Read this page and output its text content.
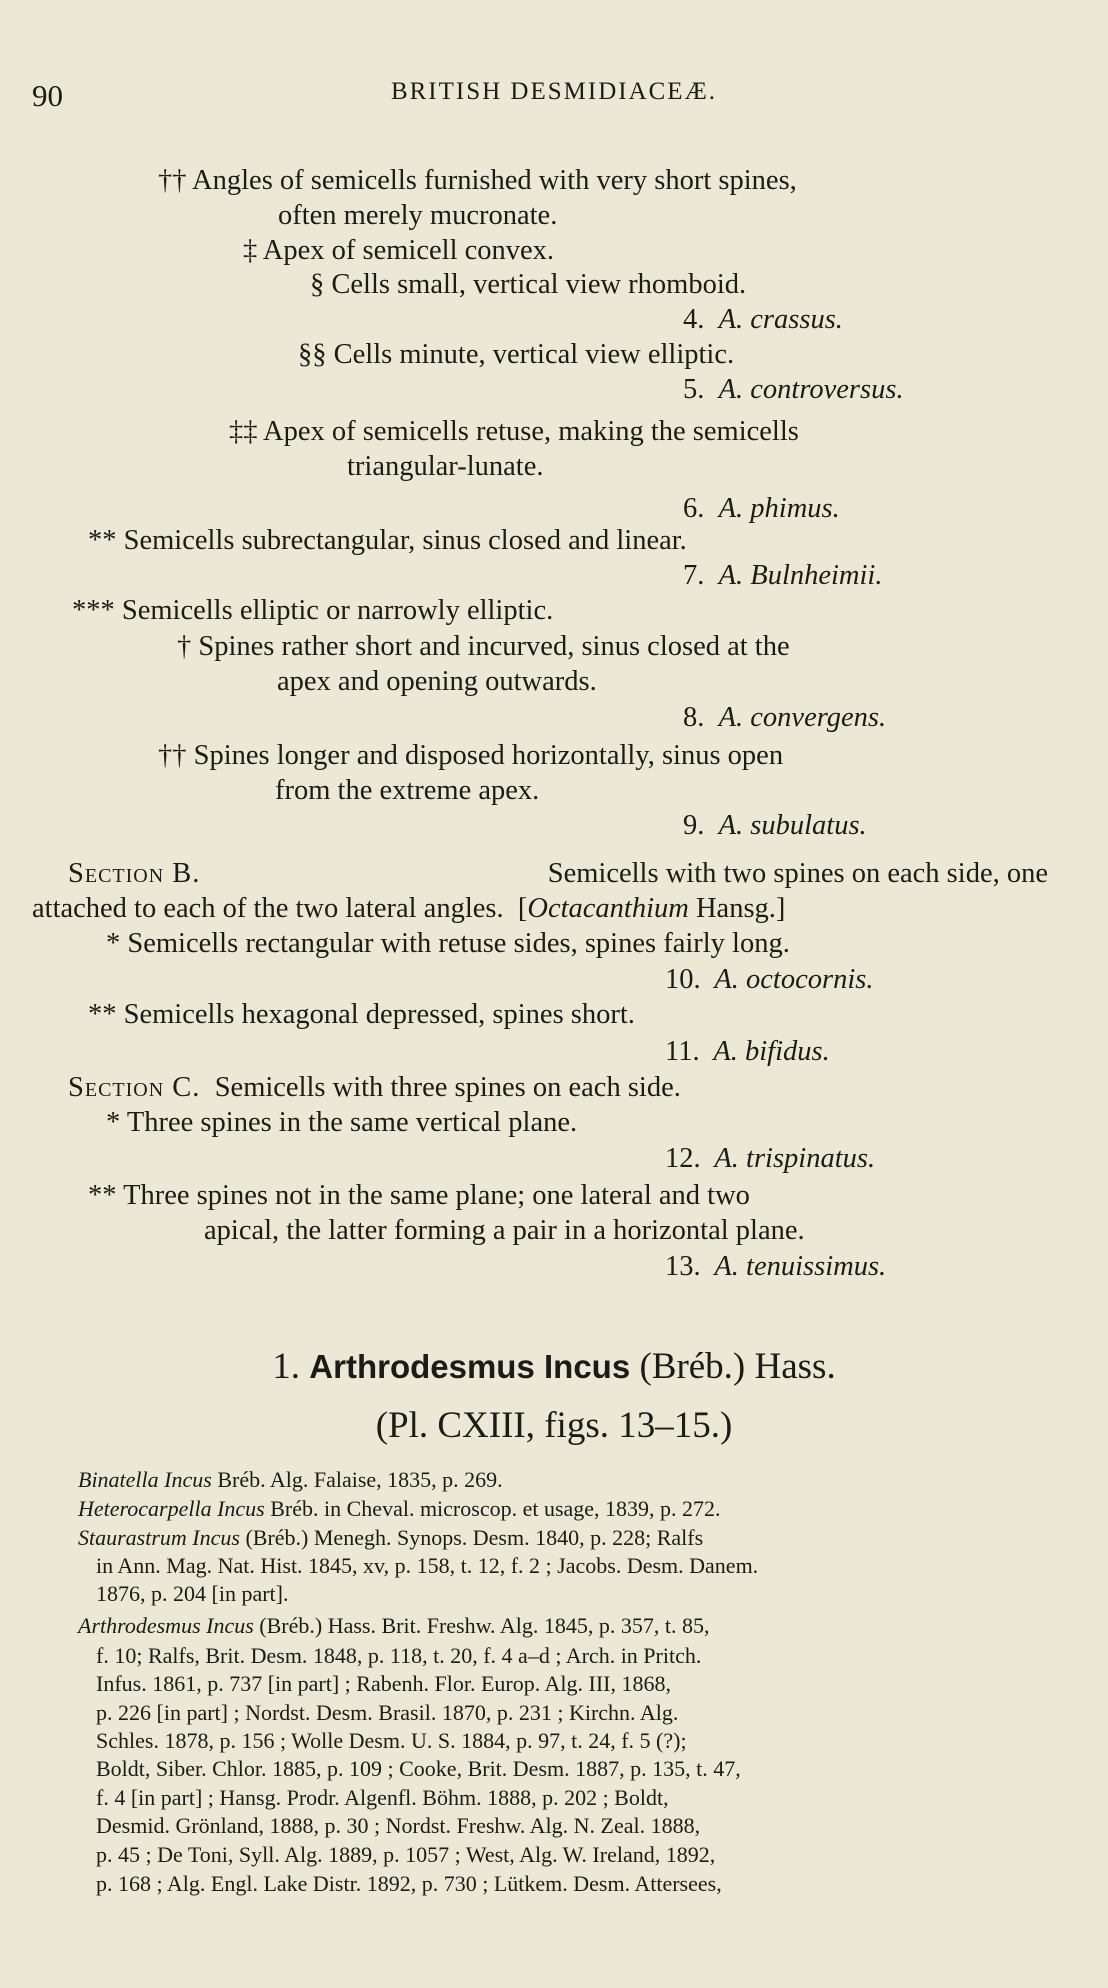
90	BRITISH DESMIDIACEÆ.
†† Angles of semicells furnished with very short spines,
often merely mucronate.
‡ Apex of semicell convex.
§ Cells small, vertical view rhomboid.
4.  A. crassus.
§§ Cells minute, vertical view elliptic.
5.  A. controversus.
‡‡ Apex of semicells retuse, making the semicells
triangular-lunate.
6.  A. phimus.
** Semicells subrectangular, sinus closed and linear.
7.  A. Bulnheimii.
*** Semicells elliptic or narrowly elliptic.
† Spines rather short and incurved, sinus closed at the
apex and opening outwards.
8.  A. convergens.
†† Spines longer and disposed horizontally, sinus open
from the extreme apex.
9.  A. subulatus.
Section B.	Semicells with two spines on each side, one
attached to each of the two lateral angles. [Octacanthium Hansg.]
* Semicells rectangular with retuse sides, spines fairly long.
10. A. octocornis.
** Semicells hexagonal depressed, spines short.
11. A. bifidus.
Section C. Semicells with three spines on each side.
* Three spines in the same vertical plane.
12. A. trispinatus.
** Three spines not in the same plane; one lateral and two
apical, the latter forming a pair in a horizontal plane.
13. A. tenuissimus.
1. Arthrodesmus Incus (Bréb.) Hass.
(Pl. CXIII, figs. 13–15.)
Binatella Incus Bréb. Alg. Falaise, 1835, p. 269.
Heterocarpella Incus Bréb. in Cheval. microscop. et usage, 1839, p. 272.
Staurastrum Incus (Bréb.) Menegh. Synops. Desm. 1840, p. 228; Ralfs
in Ann. Mag. Nat. Hist. 1845, xv, p. 158, t. 12, f. 2 ; Jacobs. Desm. Danem.
1876, p. 204 [in part].
Arthrodesmus Incus (Bréb.) Hass. Brit. Freshw. Alg. 1845, p. 357, t. 85,
f. 10; Ralfs, Brit. Desm. 1848, p. 118, t. 20, f. 4 a–d ; Arch. in Pritch.
Infus. 1861, p. 737 [in part] ; Rabenh. Flor. Europ. Alg. III, 1868,
p. 226 [in part] ; Nordst. Desm. Brasil. 1870, p. 231 ; Kirchn. Alg.
Schles. 1878, p. 156 ; Wolle Desm. U. S. 1884, p. 97, t. 24, f. 5 (?);
Boldt, Siber. Chlor. 1885, p. 109 ; Cooke, Brit. Desm. 1887, p. 135, t. 47,
f. 4 [in part] ; Hansg. Prodr. Algenfl. Böhm. 1888, p. 202 ; Boldt,
Desmid. Grönland, 1888, p. 30 ; Nordst. Freshw. Alg. N. Zeal. 1888,
p. 45 ; De Toni, Syll. Alg. 1889, p. 1057 ; West, Alg. W. Ireland, 1892,
p. 168 ; Alg. Engl. Lake Distr. 1892, p. 730 ; Lütkem. Desm. Attersees,
